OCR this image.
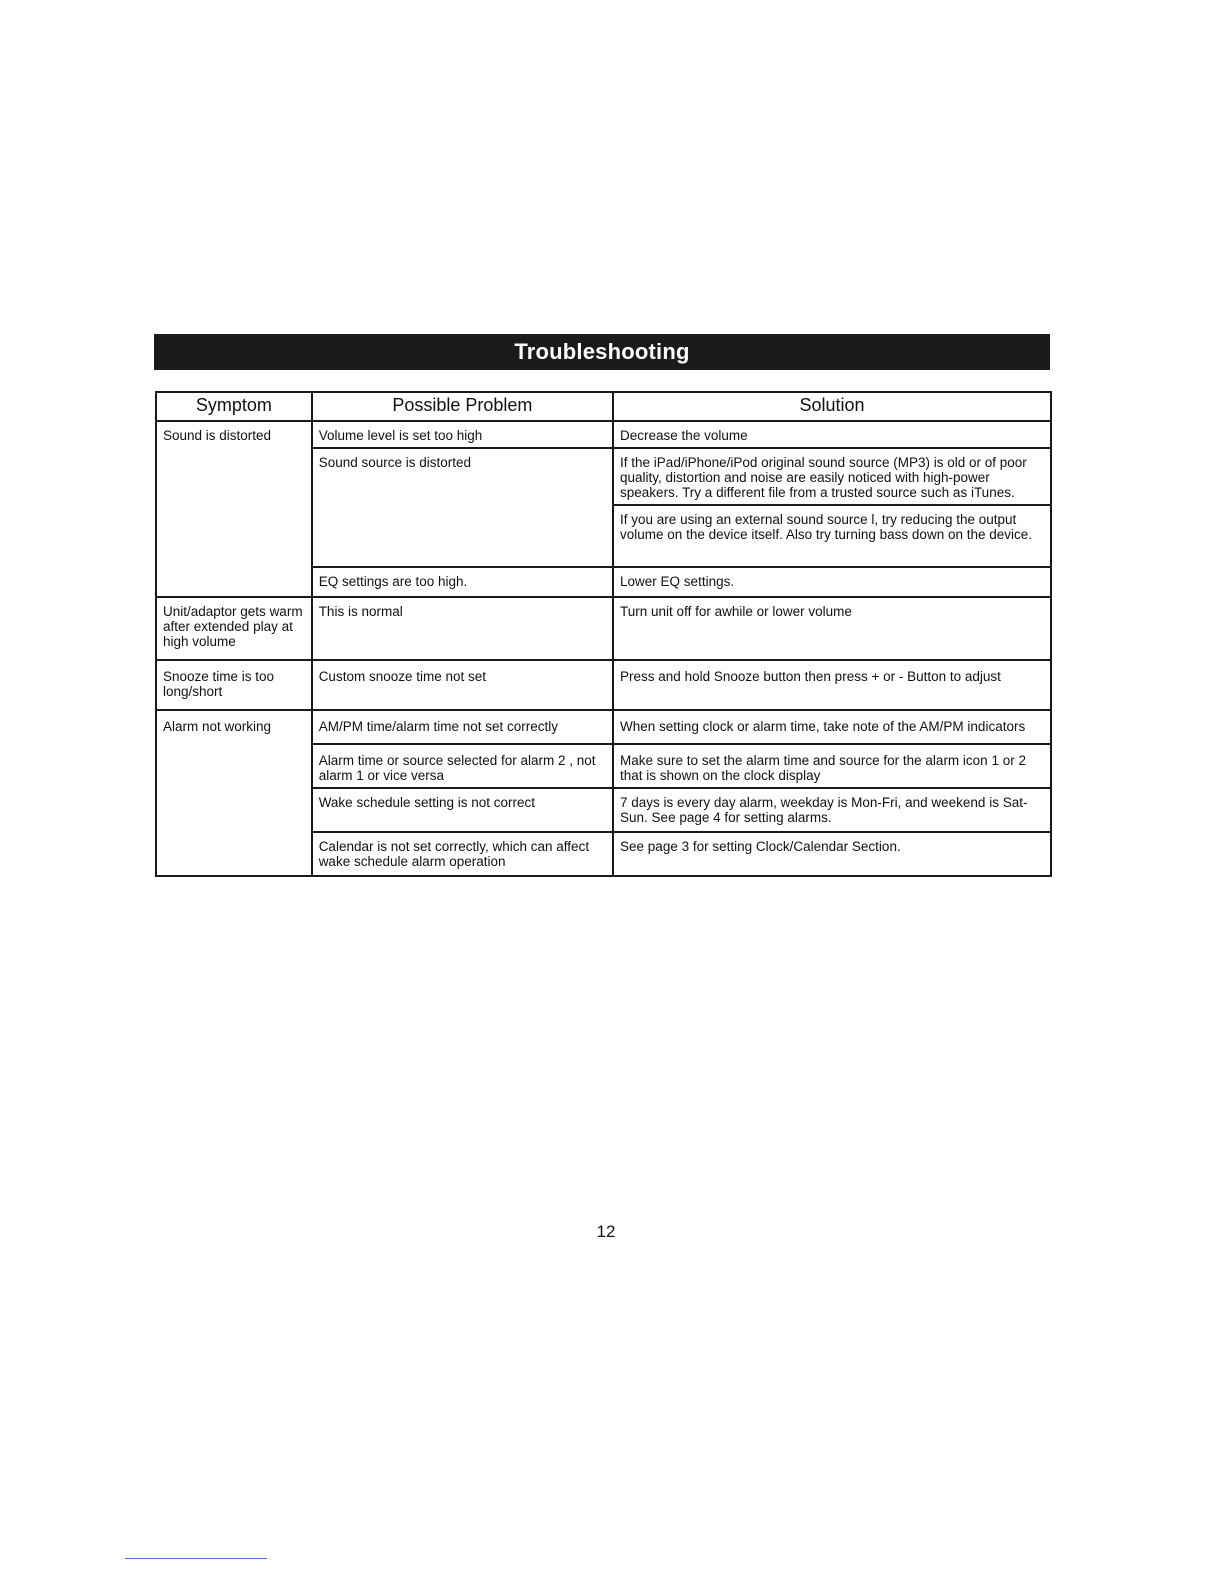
Troubleshooting
Symptom	Possible Problem	Solution
Sound is distorted	Volume level is set too high	Decrease the volume
	Sound source is distorted	If the iPad/iPhone/iPod original sound source (MP3) is old or of poor quality, distortion and noise are easily noticed with high-power speakers. Try a different file from a trusted source such as iTunes.
		If you are using an external sound source l, try reducing the output volume on the device itself. Also try turning bass down on the device.
	EQ settings are too high.	Lower EQ settings.
Unit/adaptor gets warm after extended play at high volume	This is normal	Turn unit off for awhile or lower volume
Snooze time is too long/short	Custom snooze time not set	Press and hold Snooze button then press + or - Button to adjust
Alarm not working	AM/PM time/alarm time not set correctly	When setting clock or alarm time, take note of the AM/PM indicators
	Alarm time or source selected for alarm 2 , not alarm 1 or vice versa	Make sure to set the alarm time and source for the alarm icon 1 or 2 that is shown on the clock display
	Wake schedule setting is not correct	7 days is every day alarm, weekday is Mon-Fri, and weekend is Sat-Sun. See page 4 for setting alarms.
	Calendar is not set correctly, which can affect wake schedule alarm operation	See page 3 for setting Clock/Calendar Section.
12
